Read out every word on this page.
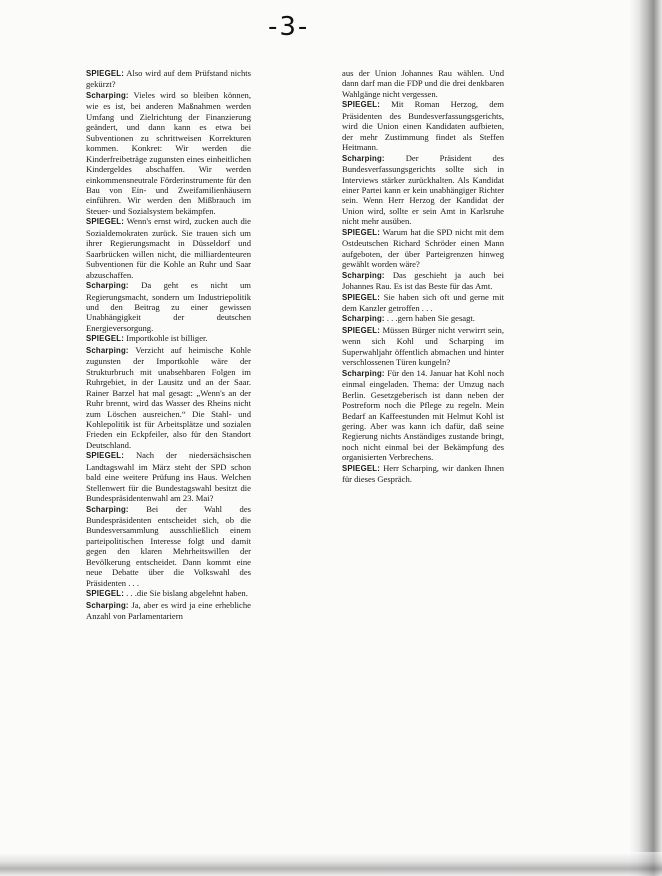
-3-

SPIEGEL: Also wird auf dem Prüfstand nichts gekürzt?

Scharping: Vieles wird so bleiben können, wie es ist, bei anderen Maßnahmen werden Umfang und Zielrichtung der Finanzierung geändert, und dann kann es etwa bei Subventionen zu schrittweisen Korrekturen kommen. Konkret: Wir werden die Kinderfreibeträge zugunsten eines einheitlichen Kindergeldes abschaffen. Wir werden einkommensneutrale Förderinstrumente für den Bau von Ein- und Zweifamilienhäusern einführen. Wir werden den Mißbrauch im Steuer- und Sozialsystem bekämpfen.

SPIEGEL: Wenn's ernst wird, zucken auch die Sozialdemokraten zurück. Sie trauen sich um ihrer Regierungsmacht in Düsseldorf und Saarbrücken willen nicht, die milliardenteuren Subventionen für die Kohle an Ruhr und Saar abzuschaffen.

Scharping: Da geht es nicht um Regierungsmacht, sondern um Industriepolitik und den Beitrag zu einer gewissen Unabhängigkeit der deutschen Energieversorgung.

SPIEGEL: Importkohle ist billiger.

Scharping: Verzicht auf heimische Kohle zugunsten der Importkohle wäre der Strukturbruch mit unabsehbaren Folgen im Ruhrgebiet, in der Lausitz und an der Saar. Rainer Barzel hat mal gesagt: „Wenn's an der Ruhr brennt, wird das Wasser des Rheins nicht zum Löschen ausreichen.“ Die Stahl- und Kohlepolitik ist für Arbeitsplätze und sozialen Frieden ein Eckpfeiler, also für den Standort Deutschland.

SPIEGEL: Nach der niedersächsischen Landtagswahl im März steht der SPD schon bald eine weitere Prüfung ins Haus. Welchen Stellenwert für die Bundestagswahl besitzt die Bundespräsidentenwahl am 23. Mai?

Scharping: Bei der Wahl des Bundespräsidenten entscheidet sich, ob die Bundesversammlung ausschließlich einem parteipolitischen Interesse folgt und damit gegen den klaren Mehrheitswillen der Bevölkerung entscheidet. Dann kommt eine neue Debatte über die Volkswahl des Präsidenten . . .

SPIEGEL: . . .die Sie bislang abgelehnt haben.

Scharping: Ja, aber es wird ja eine erhebliche Anzahl von Parlamentariern

aus der Union Johannes Rau wählen. Und dann darf man die FDP und die drei denkbaren Wahlgänge nicht vergessen.

SPIEGEL: Mit Roman Herzog, dem Präsidenten des Bundesverfassungsgerichts, wird die Union einen Kandidaten aufbieten, der mehr Zustimmung findet als Steffen Heitmann.

Scharping: Der Präsident des Bundesverfassungsgerichts sollte sich in Interviews stärker zurückhalten. Als Kandidat einer Partei kann er kein unabhängiger Richter sein. Wenn Herr Herzog der Kandidat der Union wird, sollte er sein Amt in Karlsruhe nicht mehr ausüben.

SPIEGEL: Warum hat die SPD nicht mit dem Ostdeutschen Richard Schröder einen Mann aufgeboten, der über Parteigrenzen hinweg gewählt worden wäre?

Scharping: Das geschieht ja auch bei Johannes Rau. Es ist das Beste für das Amt.

SPIEGEL: Sie haben sich oft und gerne mit dem Kanzler getroffen . . .

Scharping: . . .gern haben Sie gesagt.

SPIEGEL: Müssen Bürger nicht verwirrt sein, wenn sich Kohl und Scharping im Superwahljahr öffentlich abmachen und hinter verschlossenen Türen kungeln?

Scharping: Für den 14. Januar hat Kohl noch einmal eingeladen. Thema: der Umzug nach Berlin. Gesetzgeberisch ist dann neben der Postreform noch die Pflege zu regeln. Mein Bedarf an Kaffeestunden mit Helmut Kohl ist gering. Aber was kann ich dafür, daß seine Regierung nichts Anständiges zustande bringt, noch nicht einmal bei der Bekämpfung des organisierten Verbrechens.

SPIEGEL: Herr Scharping, wir danken Ihnen für dieses Gespräch.
